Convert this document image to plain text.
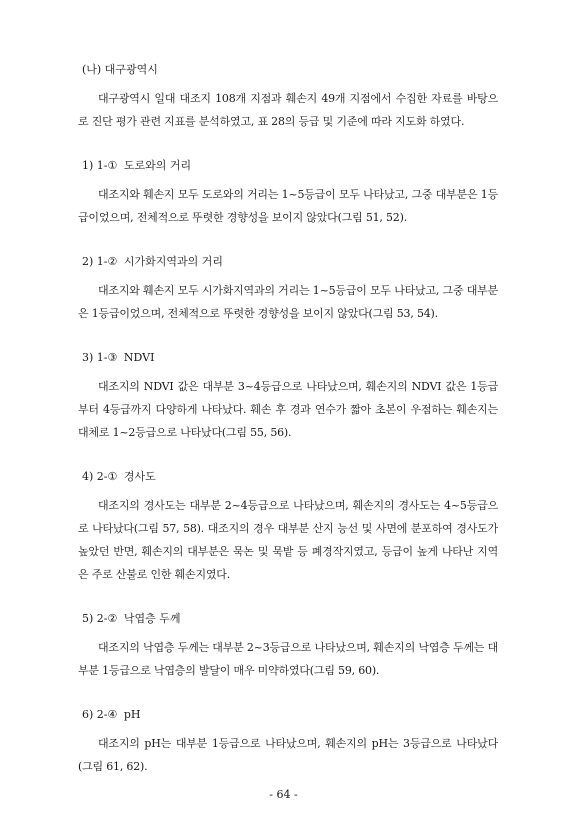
(나) 대구광역시

대구광역시 일대 대조지 108개 지점과 훼손지 49개 지점에서 수집한 자료를 바탕으로 진단 평가 관련 지표를 분석하였고, 표 28의 등급 및 기준에 따라 지도화 하였다.

1) 1-① 도로와의 거리

대조지와 훼손지 모두 도로와의 거리는 1~5등급이 모두 나타났고, 그중 대부분은 1등급이었으며, 전체적으로 뚜렷한 경향성을 보이지 않았다(그림 51, 52).

2) 1-② 시가화지역과의 거리

대조지와 훼손지 모두 시가화지역과의 거리는 1~5등급이 모두 나타났고, 그중 대부분은 1등급이었으며, 전체적으로 뚜렷한 경향성을 보이지 않았다(그림 53, 54).

3) 1-③ NDVI

대조지의 NDVI 값은 대부분 3~4등급으로 나타났으며, 훼손지의 NDVI 값은 1등급부터 4등급까지 다양하게 나타났다. 훼손 후 경과 연수가 짧아 초본이 우점하는 훼손지는 대체로 1~2등급으로 나타났다(그림 55, 56).

4) 2-① 경사도

대조지의 경사도는 대부분 2~4등급으로 나타났으며, 훼손지의 경사도는 4~5등급으로 나타났다(그림 57, 58). 대조지의 경우 대부분 산지 능선 및 사면에 분포하여 경사도가 높았던 반면, 훼손지의 대부분은 묵논 및 묵밭 등 폐경작지였고, 등급이 높게 나타난 지역은 주로 산불로 인한 훼손지였다.

5) 2-② 낙엽층 두께

대조지의 낙엽층 두께는 대부분 2~3등급으로 나타났으며, 훼손지의 낙엽층 두께는 대부분 1등급으로 낙엽층의 발달이 매우 미약하였다(그림 59, 60).

6) 2-④ pH

대조지의 pH는 대부분 1등급으로 나타났으며, 훼손지의 pH는 3등급으로 나타났다(그림 61, 62).

- 64 -
